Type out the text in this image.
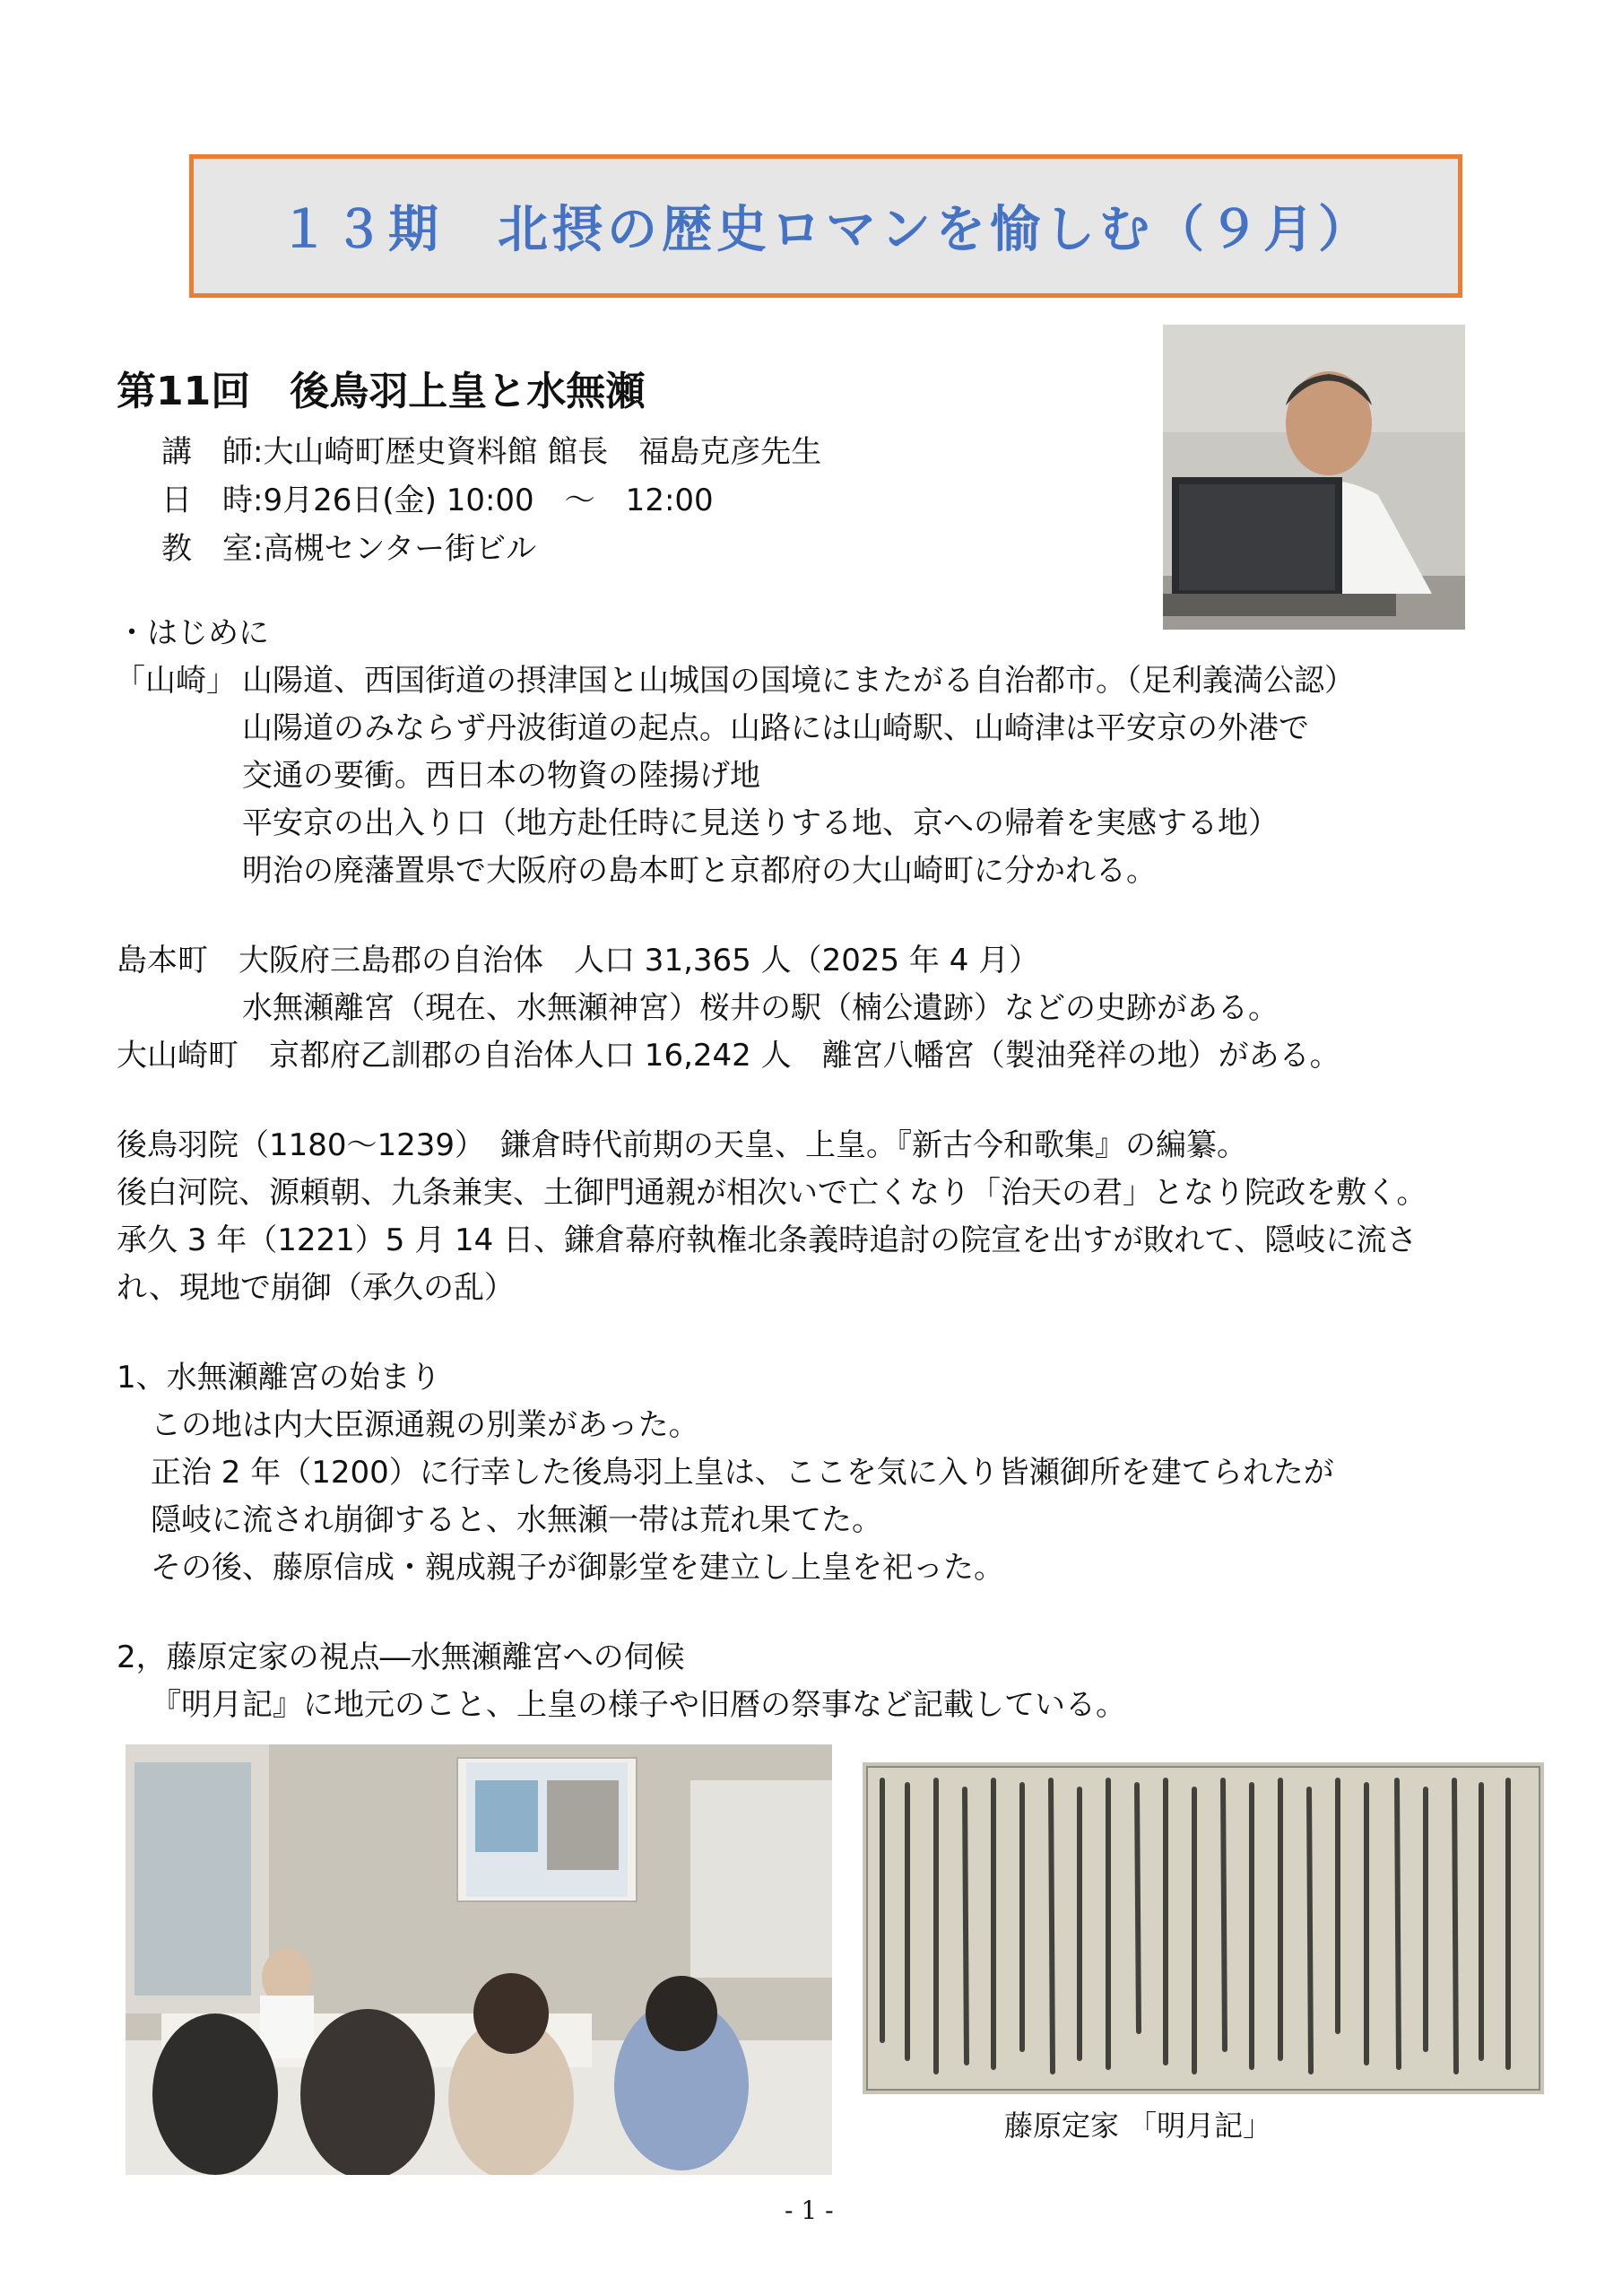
１３期　北摂の歴史ロマンを愉しむ（９月）
第11回　後鳥羽上皇と水無瀬
講　師:大山崎町歴史資料館 館長　福島克彦先生
日　時:9月26日(金) 10:00　～　12:00
教　室:高槻センター街ビル
・はじめに
「山崎」 山陽道、西国街道の摂津国と山城国の国境にまたがる自治都市。（足利義満公認）
山陽道のみならず丹波街道の起点。山路には山崎駅、山崎津は平安京の外港で
交通の要衝。西日本の物資の陸揚げ地
平安京の出入り口（地方赴任時に見送りする地、京への帰着を実感する地）
明治の廃藩置県で大阪府の島本町と京都府の大山崎町に分かれる。
島本町　大阪府三島郡の自治体　人口 31,365 人（2025 年 4 月）
水無瀬離宮（現在、水無瀬神宮）桜井の駅（楠公遺跡）などの史跡がある。
大山崎町　京都府乙訓郡の自治体人口 16,242 人　離宮八幡宮（製油発祥の地）がある。
後鳥羽院（1180～1239）　鎌倉時代前期の天皇、上皇。『新古今和歌集』の編纂。
後白河院、源頼朝、九条兼実、土御門通親が相次いで亡くなり「治天の君」となり院政を敷く。
承久 3 年（1221）5 月 14 日、鎌倉幕府執権北条義時追討の院宣を出すが敗れて、隠岐に流さ
れ、現地で崩御（承久の乱）
1、水無瀬離宮の始まり
この地は内大臣源通親の別業があった。
正治 2 年（1200）に行幸した後鳥羽上皇は、ここを気に入り皆瀬御所を建てられたが
隠岐に流され崩御すると、水無瀬一帯は荒れ果てた。
その後、藤原信成・親成親子が御影堂を建立し上皇を祀った。
2，藤原定家の視点―水無瀬離宮への伺候
『明月記』に地元のこと、上皇の様子や旧暦の祭事など記載している。
藤原定家 「明月記」
- 1 -
